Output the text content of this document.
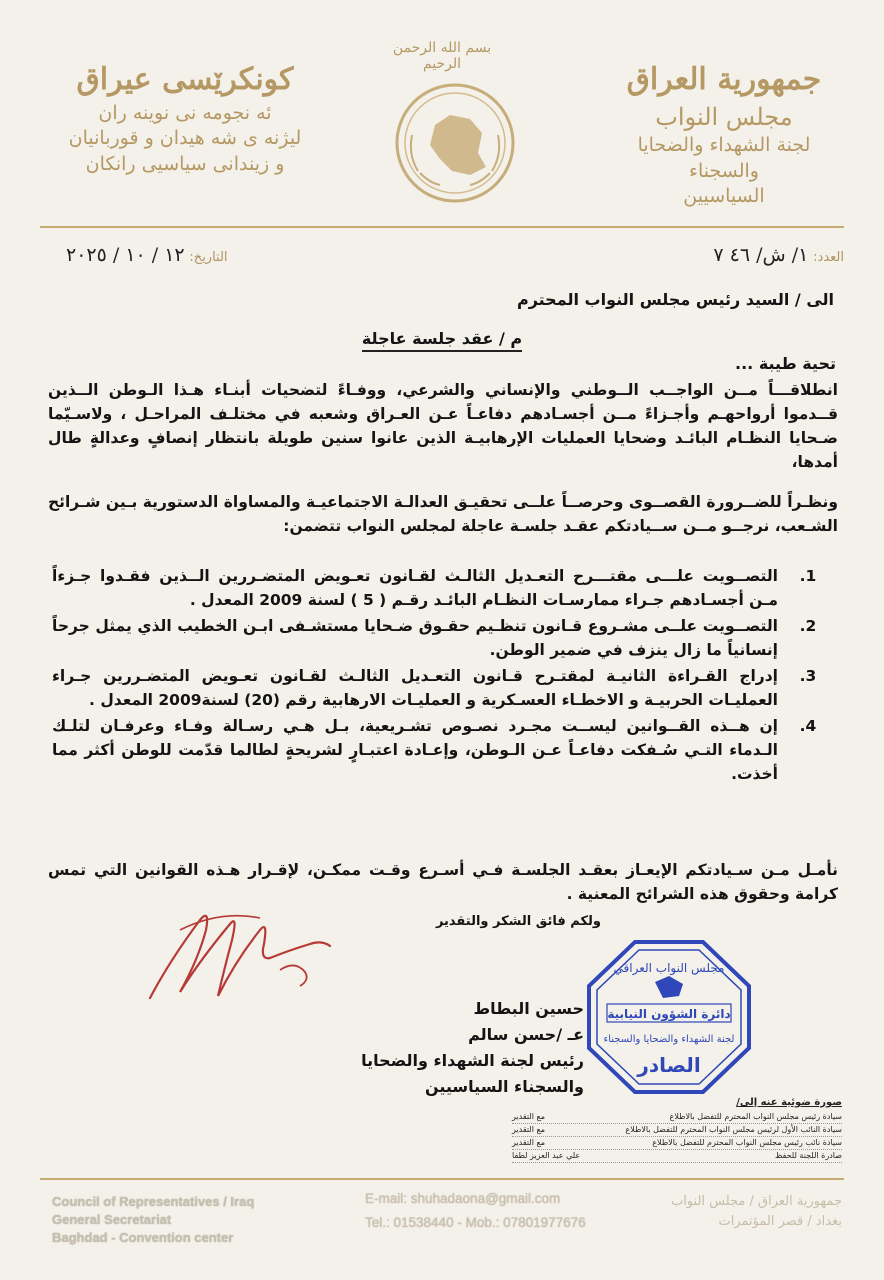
كونكرێسى عيراق
ئه نجومه نى نوينه ران
ليژنه ى شه هيدان و قوربانيان
و زيندانى سياسيى رانكان
بسم الله الرحمن الرحيم	جمهورية العراق
مجلس النواب
لجنة الشهداء والضحايا والسجناء
السياسيين
العدد: ١/ ش/ ٤٦ ٧
التاريخ: ١٢ / ١٠ / ٢٠٢٥
الى / السيد رئيس مجلس النواب المحترم
م / عقد جلسة عاجلة
تحية طيبة ...
انطلاقـــاً مــن الواجــب الــوطني والإنساني والشرعي، ووفـاءً لتضحيات أبنـاء هـذا الـوطن الــذين قــدموا أرواحهـم وأجـزاءً مــن أجسـادهم دفاعـاً عـن العـراق وشعبه في مختلـف المراحـل ، ولاسـيّما ضـحايا النظـام البائـد وضحايا العمليات الإرهابيـة الذين عانوا سنين طويلة بانتظار إنصافٍ وعدالةٍ طال أمدها،
ونظـراً للضــرورة القصــوى وحرصــاً علــى تحقيـق العدالـة الاجتماعيـة والمساواة الدستورية بـين شـرائح الشـعب، نرجــو مــن ســيادتكم عقـد جلسـة عاجلة لمجلس النواب تتضمن:
1.
التصــويت علـــى مقتـــرح التعـديل الثالـث لقـانون تعـويض المتضـررين الــذين فقـدوا جـزءاً مـن أجسـادهم جـراء ممارسـات النظـام البائـد رقـم ( 5 ) لسنة 2009 المعدل .
2.
التصــويت علــى مشـروع قـانون تنظـيم حقـوق ضـحايا مستشـفى ابـن الخطيب الذي يمثل جرحاً إنسانياً ما زال ينزف في ضمير الوطن.
3.
إدراج القـراءة الثانيـة لمقتـرح قـانون التعـديل الثالـث لقـانون تعـويض المتضـررين جـراء العمليـات الحربيـة و الاخطـاء العسـكرية و العمليـات الارهابية رقم (20) لسنة2009 المعدل .
4.
إن هــذه القــوانين ليســت مجـرد نصـوص تشـريعية، بـل هـي رسـالة وفـاء وعرفـان لتلـك الـدماء التـي سُـفكت دفاعـاً عـن الـوطن، وإعـادة اعتبـارٍ لشريحةٍ لطالما قدّمت للوطن أكثر مما أخذت.
نأمـل مـن سـيادتكم الإيعـاز بعقـد الجلسـة فـي أسـرع وقـت ممكـن، لإقـرار هـذه القوانين التي تمس كرامة وحقوق هذه الشرائح المعنية .
ولكم فائق الشكر والتقدير
حسين البطاط
عـ /حسن سالم
رئيس لجنة الشهداء والضحايا
والسجناء السياسيين
مجلس النواب العراقي
دائرة الشؤون النيابية
لجنة الشهداء والضحايا والسجناء
الصادر
صورة ضوئية عنه إلى/
سيادة رئيس مجلس النواب المحترم للتفضل بالاطلاع
مع التقدير
سيادة النائب الأول لرئيس مجلس النواب المحترم للتفضل بالاطلاع
مع التقدير
سيادة نائب رئيس مجلس النواب المحترم للتفضل بالاطلاع
مع التقدير
صادرة اللجنة للحفظ
علي عبد العزيز لطفا
Council of Representatives / Iraq
General Secretariat
Baghdad - Convention center
E-mail: shuhadaona@gmail.com
Tel.: 01538440 - Mob.: 07801977676
جمهورية العراق / مجلس النواب
بغداد / قصر المؤتمرات
